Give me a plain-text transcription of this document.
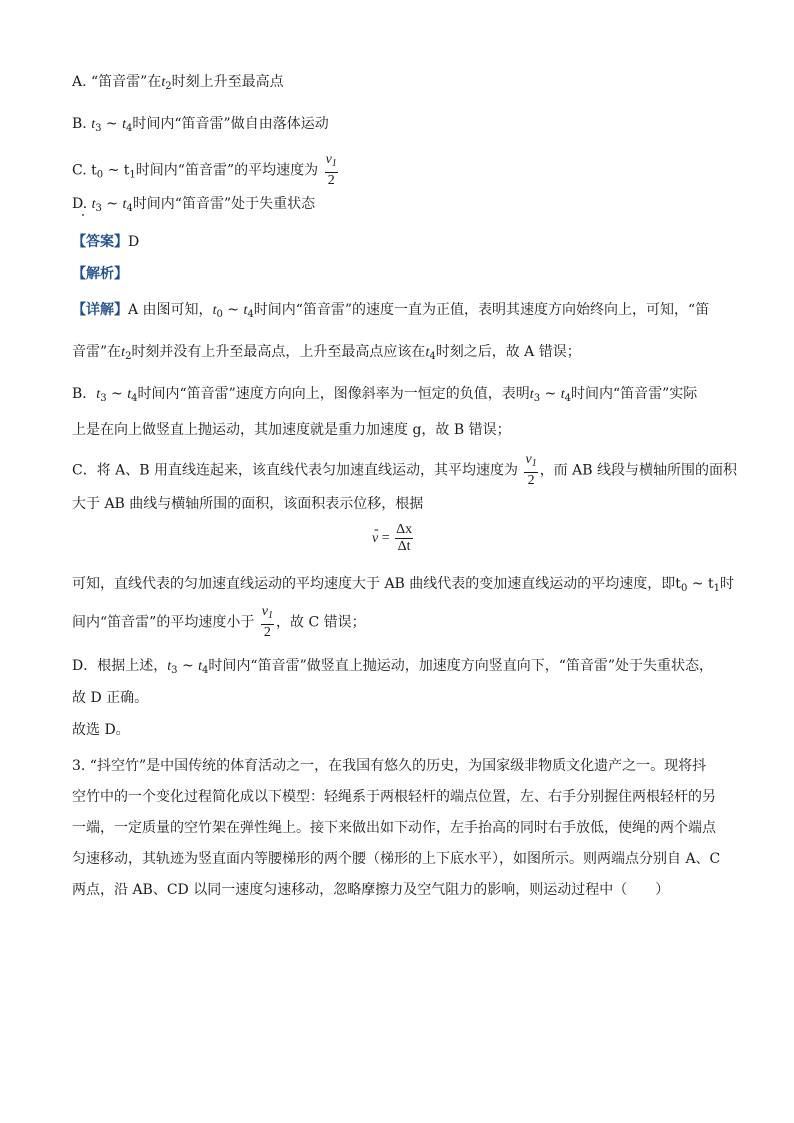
A. “笛音雷”在$t_2$时刻上升至最高点
B. $t_3$ ~ $t_4$时间内“笛音雷”做自由落体运动
C. $t_0$ ~ $t_1$时间内“笛音雷”的平均速度为 $\frac{v_1}{2}$
D. $t_3$ ~ $t_4$时间内“笛音雷”处于失重状态
【答案】D
【解析】
【详解】A 由图可知，$t_0$ ~ $t_4$时间内“笛音雷”的速度一直为正值，表明其速度方向始终向上，可知，“笛
音雷”在$t_2$时刻并没有上升至最高点，上升至最高点应该在$t_4$时刻之后，故 A 错误；
B．$t_3$ ~ $t_4$时间内“笛音雷”速度方向向上，图像斜率为一恒定的负值，表明$t_3$ ~ $t_4$时间内“笛音雷”实际
上是在向上做竖直上抛运动，其加速度就是重力加速度 g，故 B 错误；
C．将 A、B 用直线连起来，该直线代表匀加速直线运动，其平均速度为 $\frac{v_1}{2}$ ，而 AB 线段与横轴所围的面积
大于 AB 曲线与横轴所围的面积，该面积表示位移，根据
- $v = \frac{\Delta x}{\Delta t}$
可知，直线代表的匀加速直线运动的平均速度大于 AB 曲线代表的变加速直线运动的平均速度，即$t_0$ ~ $t_1$时
间内“笛音雷”的平均速度小于 $\frac{v_1}{2}$ ，故 C 错误；
D．根据上述，$t_3$ ~ $t_4$时间内“笛音雷”做竖直上抛运动，加速度方向竖直向下，“笛音雷”处于失重状态，
故 D 正确。
故选 D。
3. “抖空竹”是中国传统的体育活动之一，在我国有悠久的历史，为国家级非物质文化遗产之一。现将抖
空竹中的一个变化过程简化成以下模型：轻绳系于两根轻杆的端点位置，左、右手分别握住两根轻杆的另
一端，一定质量的空竹架在弹性绳上。接下来做出如下动作，左手抬高的同时右手放低，使绳的两个端点
匀速移动，其轨迹为竖直面内等腰梯形的两个腰（梯形的上下底水平），如图所示。则两端点分别自 A、C
两点，沿 AB、CD 以同一速度匀速移动，忽略摩擦力及空气阻力的影响，则运动过程中（　　）
